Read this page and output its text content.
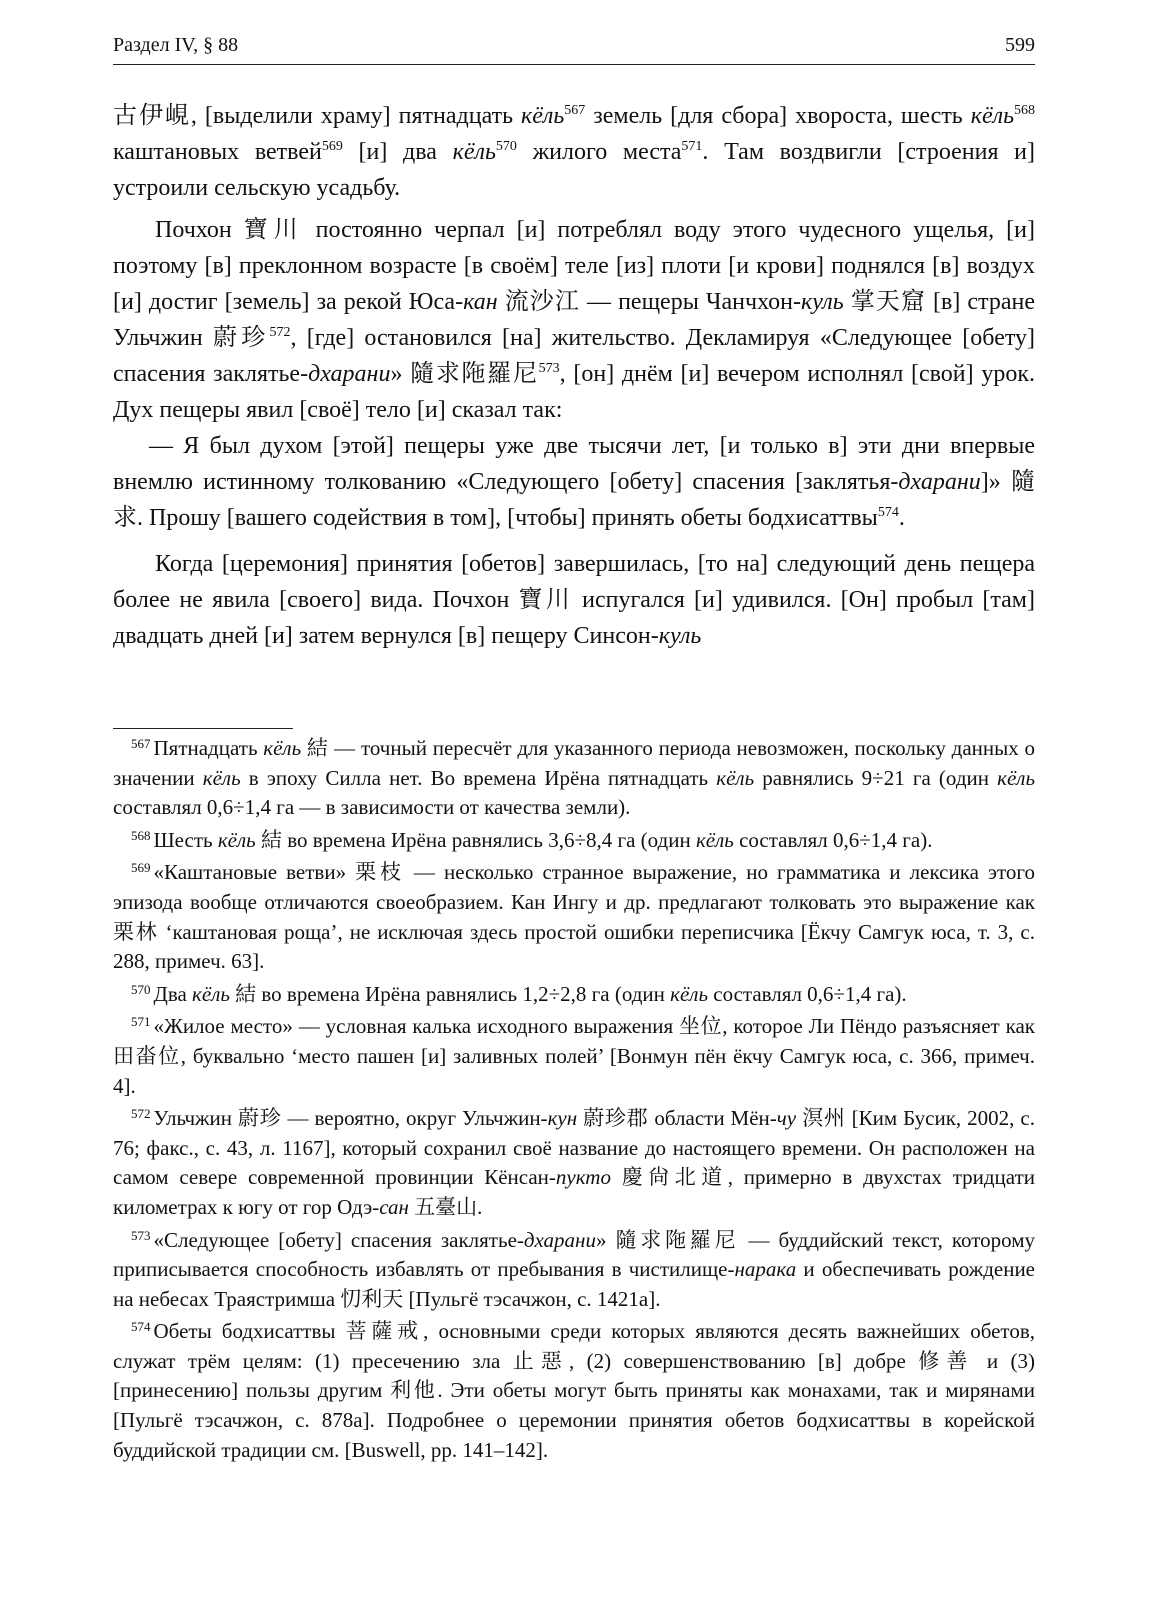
Раздел IV, § 88	599

古伊峴, [выделили храму] пятнадцать кёль$^{567}$ земель [для сбора] хвороста, шесть кёль$^{568}$ каштановых ветвей$^{569}$ [и] два кёль$^{570}$ жилого места$^{571}$. Там воздвигли [строения и] устроили сельскую усадьбу.

Почхон 寶川 постоянно черпал [и] потреблял воду этого чудесного ущелья, [и] поэтому [в] преклонном возрасте [в своём] теле [из] плоти [и крови] поднялся [в] воздух [и] достиг [земель] за рекой Юса-кан 流沙江 — пещеры Чанчхон-куль 掌天窟 [в] стране Ульчжин 蔚珍$^{572}$, [где] остановился [на] жительство. Декламируя «Следующее [обету] спасения заклятье-дхарани» 隨求陁羅尼$^{573}$, [он] днём [и] вечером исполнял [свой] урок. Дух пещеры явил [своё] тело [и] сказал так:

— Я был духом [этой] пещеры уже две тысячи лет, [и только в] эти дни впервые внемлю истинному толкованию «Следующего [обету] спасения [заклятья-дхарани]» 隨求. Прошу [вашего содействия в том], [чтобы] принять обеты бодхисаттвы$^{574}$.

Когда [церемония] принятия [обетов] завершилась, [то на] следующий день пещера более не явила [своего] вида. Почхон 寶川 испугался [и] удивился. [Он] пробыл [там] двадцать дней [и] затем вернулся [в] пещеру Синсон-куль

$^{567}$ Пятнадцать кёль 結 — точный пересчёт для указанного периода невозможен, поскольку данных о значении кёль в эпоху Силла нет. Во времена Ирёна пятнадцать кёль равнялись 9÷21 га (один кёль составлял 0,6÷1,4 га — в зависимости от качества земли).

$^{568}$ Шесть кёль 結 во времена Ирёна равнялись 3,6÷8,4 га (один кёль составлял 0,6÷1,4 га).

$^{569}$ «Каштановые ветви» 栗枝 — несколько странное выражение, но грамматика и лексика этого эпизода вообще отличаются своеобразием. Кан Ингу и др. предлагают толковать это выражение как 栗林 ‘каштановая роща’, не исключая здесь простой ошибки переписчика [Ёкчу Самгук юса, т. 3, с. 288, примеч. 63].

$^{570}$ Два кёль 結 во времена Ирёна равнялись 1,2÷2,8 га (один кёль составлял 0,6÷1,4 га).

$^{571}$ «Жилое место» — условная калька исходного выражения 坐位, которое Ли Пёндо разъясняет как 田畓位, буквально ‘место пашен [и] заливных полей’ [Вонмун пён ёкчу Самгук юса, с. 366, примеч. 4].

$^{572}$ Ульчжин 蔚珍 — вероятно, округ Ульчжин-кун 蔚珍郡 области Мён-чу 溟州 [Ким Бусик, 2002, с. 76; факс., с. 43, л. 1167], который сохранил своё название до настоящего времени. Он расположен на самом севере современной провинции Кёнсан-пукто 慶尙北道, примерно в двухстах тридцати километрах к югу от гор Одэ-сан 五臺山.

$^{573}$ «Следующее [обету] спасения заклятье-дхарани» 隨求陁羅尼 — буддийский текст, которому приписывается способность избавлять от пребывания в чистилище-нарака и обеспечивать рождение на небесах Траястримша 忉利天 [Пульгё тэсачжон, с. 1421а].

$^{574}$ Обеты бодхисаттвы 菩薩戒, основными среди которых являются десять важнейших обетов, служат трём целям: (1) пресечению зла 止惡, (2) совершенствованию [в] добре 修善 и (3) [принесению] пользы другим 利他. Эти обеты могут быть приняты как монахами, так и мирянами [Пульгё тэсачжон, с. 878а]. Подробнее о церемонии принятия обетов бодхисаттвы в корейской буддийской традиции см. [Buswell, pp. 141–142].
